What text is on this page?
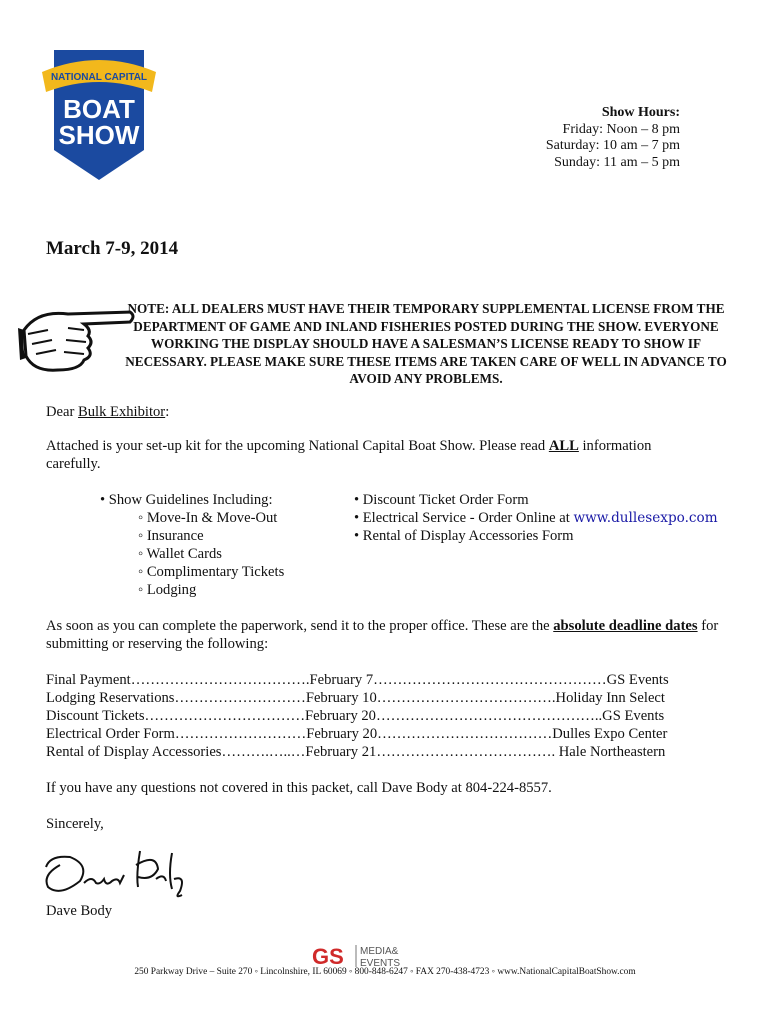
NATIONAL CAPITAL
BOAT
SHOW
Show Hours:
Friday: Noon – 8 pm
Saturday: 10 am – 7 pm
Sunday: 11 am – 5 pm
March 7-9, 2014
NOTE: ALL DEALERS MUST HAVE THEIR TEMPORARY SUPPLEMENTAL LICENSE FROM THE DEPARTMENT OF GAME AND INLAND FISHERIES POSTED DURING THE SHOW. EVERYONE WORKING THE DISPLAY SHOULD HAVE A SALESMAN’S LICENSE READY TO SHOW IF NECESSARY. PLEASE MAKE SURE THESE ITEMS ARE TAKEN CARE OF WELL IN ADVANCE TO AVOID ANY PROBLEMS.
Dear Bulk Exhibitor:
Attached is your set-up kit for the upcoming National Capital Boat Show. Please read ALL information carefully.
• Show Guidelines Including:
◦ Move-In & Move-Out
◦ Insurance
◦ Wallet Cards
◦ Complimentary Tickets
◦ Lodging
• Discount Ticket Order Form
• Electrical Service - Order Online at www.dullesexpo.com
• Rental of Display Accessories Form
As soon as you can complete the paperwork, send it to the proper office. These are the absolute deadline dates for submitting or reserving the following:
Final Payment……………………………….February 7…………………………………………GS Events
Lodging Reservations………………………February 10……………………………….Holiday Inn Select
Discount Tickets……………………………February 20………………………………………..GS Events
Electrical Order Form………………………February 20………………………………Dulles Expo Center
Rental of Display Accessories……….…..…February 21………………………………. Hale Northeastern
If you have any questions not covered in this packet, call Dave Body at 804-224-8557.
Sincerely,
Dave Body
GS MEDIA&
EVENTS
250 Parkway Drive – Suite 270 ◦ Lincolnshire, IL 60069 ◦ 800-848-6247 ◦ FAX 270-438-4723 ◦ www.NationalCapitalBoatShow.com
